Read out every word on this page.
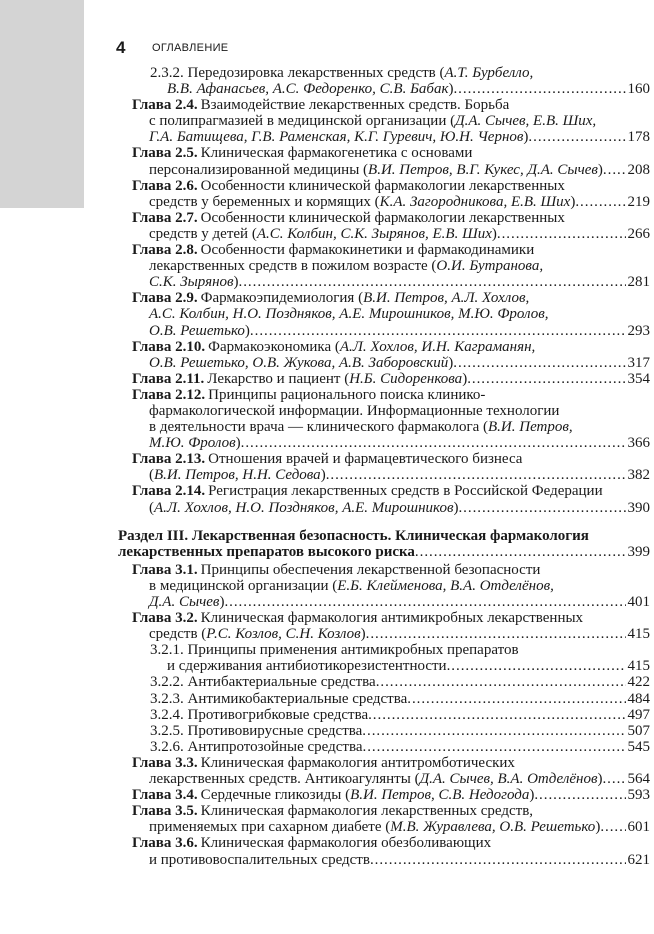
4 ОГЛАВЛЕНИЕ
2.3.2. Передозировка лекарственных средств (А.Т. Бурбелло,
В.В. Афанасьев, А.С. Федоренко, С.В. Бабак) . . .	160
Глава 2.4. Взаимодействие лекарственных средств. Борьба
с полипрагмазией в медицинской организации (Д.А. Сычев, Е.В. Ших,
Г.А. Батищева, Г.В. Раменская, К.Г. Гуревич, Ю.Н. Чернов) . . .	178
Глава 2.5. Клиническая фармакогенетика с основами
персонализированной медицины (В.И. Петров, В.Г. Кукес, Д.А. Сычев) . . . 208
Глава 2.6. Особенности клинической фармакологии лекарственных
средств у беременных и кормящих (К.А. Загородникова, Е.В. Ших) . . .	219
Глава 2.7. Особенности клинической фармакологии лекарственных
средств у детей (А.С. Колбин, С.К. Зырянов, Е.В. Ших) . . .	266
Глава 2.8. Особенности фармакокинетики и фармакодинамики
лекарственных средств в пожилом возрасте (О.И. Бутранова,
С.К. Зырянов) . . .	281
Глава 2.9. Фармакоэпидемиология (В.И. Петров, А.Л. Хохлов,
А.С. Колбин, Н.О. Поздняков, А.Е. Мирошников, М.Ю. Фролов,
О.В. Решетько) . . .	293
Глава 2.10. Фармакоэкономика (А.Л. Хохлов, И.Н. Каграманян,
О.В. Решетько, О.В. Жукова, А.В. Заборовский) . . .	317
Глава 2.11. Лекарство и пациент (Н.Б. Сидоренкова) . . .	354
Глава 2.12. Принципы рационального поиска клинико-
фармакологической информации. Информационные технологии
в деятельности врача — клинического фармаколога (В.И. Петров,
М.Ю. Фролов) . . .	366
Глава 2.13. Отношения врачей и фармацевтического бизнеса
(В.И. Петров, Н.Н. Седова) . . .	382
Глава 2.14. Регистрация лекарственных средств в Российской Федерации
(А.Л. Хохлов, Н.О. Поздняков, А.Е. Мирошников) . . .	390
Раздел III. Лекарственная безопасность. Клиническая фармакология
лекарственных препаратов высокого риска . . .	399
Глава 3.1. Принципы обеспечения лекарственной безопасности
в медицинской организации (Е.Б. Клейменова, В.А. Отделёнов,
Д.А. Сычев) . . .	401
Глава 3.2. Клиническая фармакология антимикробных лекарственных
средств (Р.С. Козлов, С.Н. Козлов) . . .	415
3.2.1. Принципы применения антимикробных препаратов
и сдерживания антибиотикорезистентности . . .	415
3.2.2. Антибактериальные средства . . .	422
3.2.3. Антимикобактериальные средства . . .	484
3.2.4. Противогрибковые средства . . .	497
3.2.5. Противовирусные средства . . .	507
3.2.6. Антипротозойные средства . . .	545
Глава 3.3. Клиническая фармакология антитромботических
лекарственных средств. Антикоагулянты (Д.А. Сычев, В.А. Отделёнов) . . . 564
Глава 3.4. Сердечные гликозиды (В.И. Петров, С.В. Недогода) . . .	593
Глава 3.5. Клиническая фармакология лекарственных средств,
применяемых при сахарном диабете (М.В. Журавлева, О.В. Решетько) . . . 601
Глава 3.6. Клиническая фармакология обезболивающих
и противовоспалительных средств . . .	621
